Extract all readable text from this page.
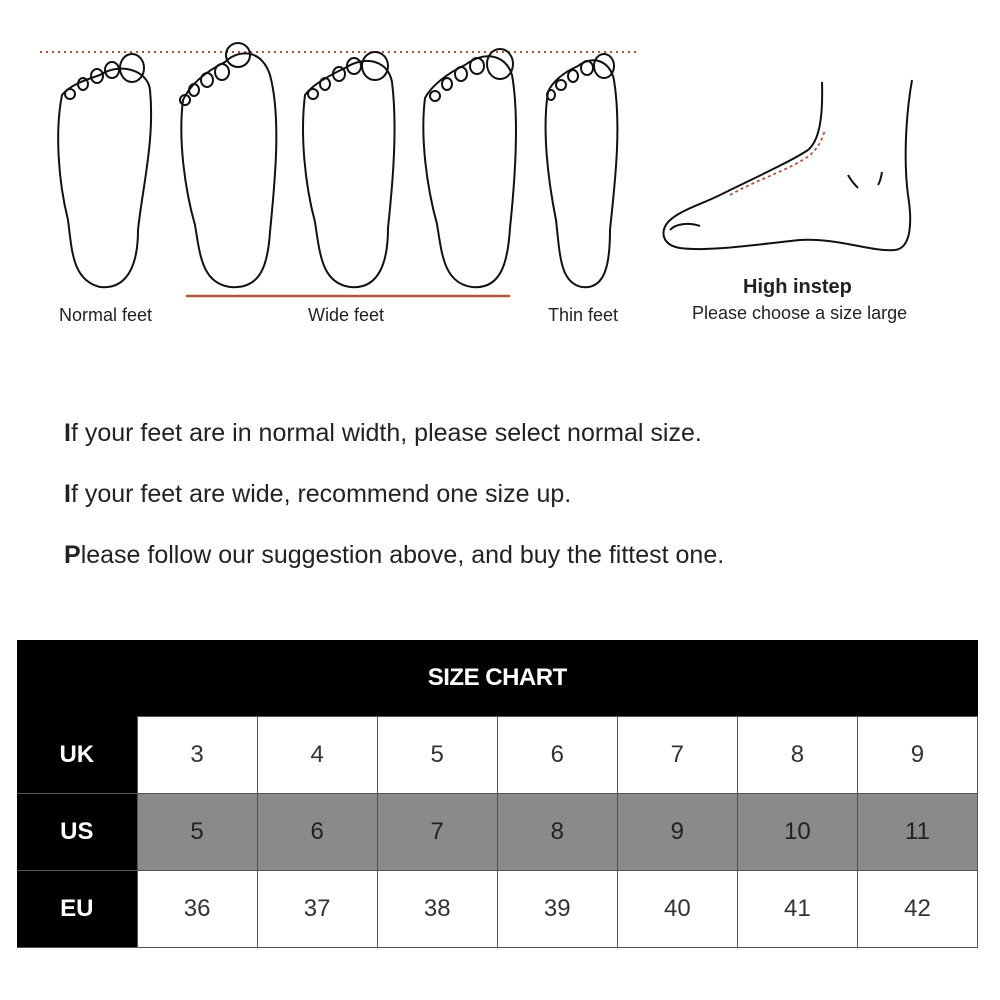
Normal feet	Wide feet	Thin feet
High instep
Please choose a size large
If your feet are in normal width, please select normal size.
If your feet are wide, recommend one size up.
Please follow our suggestion above, and buy the fittest one.
SIZE CHART							
UK	3	4	5	6	7	8	9
US	5	6	7	8	9	10	11
EU	36	37	38	39	40	41	42
